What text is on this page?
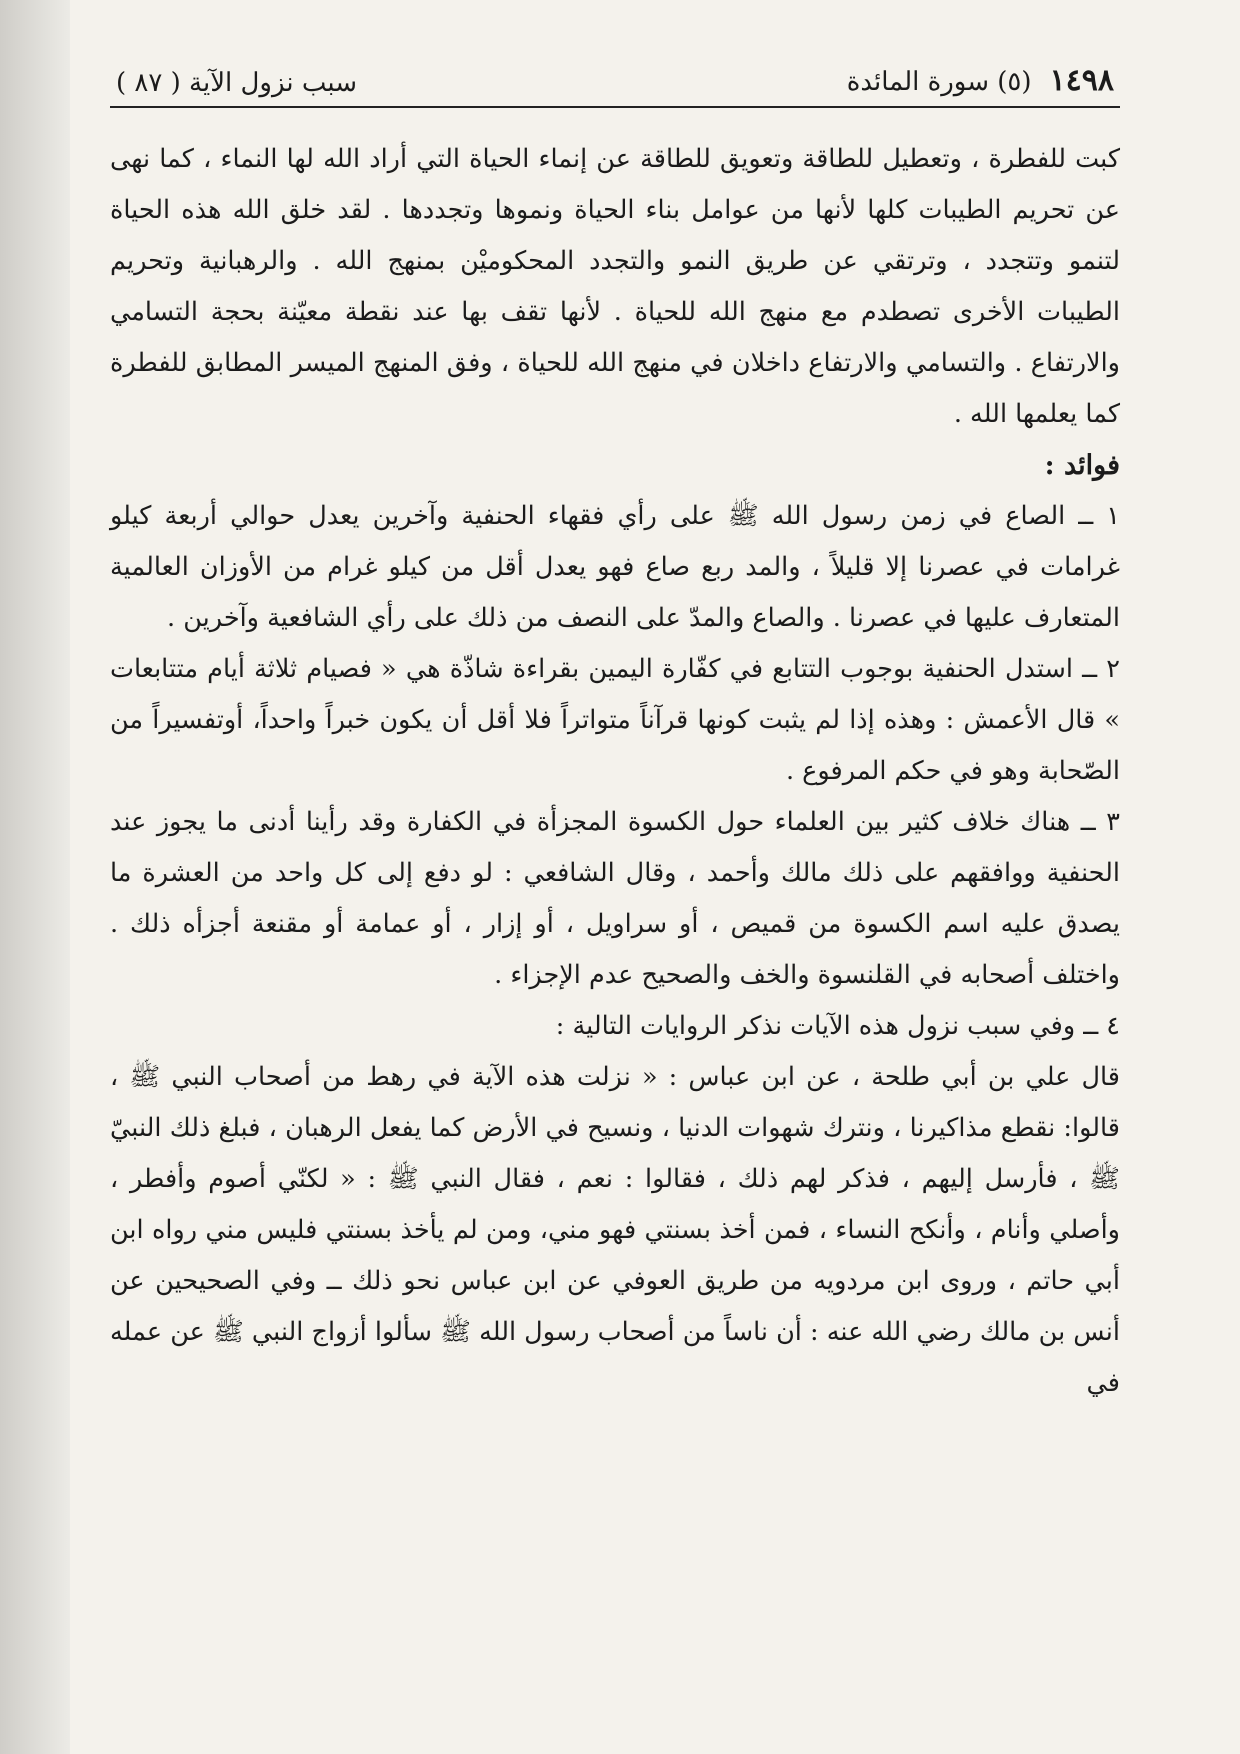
١٤٩٨
(٥) سورة المائدة
سبب نزول الآية ( ٨٧ )

كبت للفطرة ، وتعطيل للطاقة وتعويق للطاقة عن إنماء الحياة التي أراد الله لها النماء ، كما نهى عن تحريم الطيبات كلها لأنها من عوامل بناء الحياة ونموها وتجددها . لقد خلق الله هذه الحياة لتنمو وتتجدد ، وترتقي عن طريق النمو والتجدد المحكوميْن بمنهج الله . والرهبانية وتحريم الطيبات الأخرى تصطدم مع منهج الله للحياة . لأنها تقف بها عند نقطة معيّنة بحجة التسامي والارتفاع . والتسامي والارتفاع داخلان في منهج الله للحياة ، وفق المنهج الميسر المطابق للفطرة كما يعلمها الله .

فوائد :

١ ــ الصاع في زمن رسول الله ﷺ على رأي فقهاء الحنفية وآخرين يعدل حوالي أربعة كيلو غرامات في عصرنا إلا قليلاً ، والمد ربع صاع فهو يعدل أقل من كيلو غرام من الأوزان العالمية المتعارف عليها في عصرنا . والصاع والمدّ على النصف من ذلك على رأي الشافعية وآخرين .

٢ ــ استدل الحنفية بوجوب التتابع في كفّارة اليمين بقراءة شاذّة هي « فصيام ثلاثة أيام متتابعات » قال الأعمش : وهذه إذا لم يثبت كونها قرآناً متواتراً فلا أقل أن يكون خبراً واحداً، أوتفسيراً من الصّحابة وهو في حكم المرفوع .

٣ ــ هناك خلاف كثير بين العلماء حول الكسوة المجزأة في الكفارة وقد رأينا أدنى ما يجوز عند الحنفية ووافقهم على ذلك مالك وأحمد ، وقال الشافعي : لو دفع إلى كل واحد من العشرة ما يصدق عليه اسم الكسوة من قميص ، أو سراويل ، أو إزار ، أو عمامة أو مقنعة أجزأه ذلك . واختلف أصحابه في القلنسوة والخف والصحيح عدم الإجزاء .

٤ ــ وفي سبب نزول هذه الآيات نذكر الروايات التالية :

قال علي بن أبي طلحة ، عن ابن عباس : « نزلت هذه الآية في رهط من أصحاب النبي ﷺ ، قالوا: نقطع مذاكيرنا ، ونترك شهوات الدنيا ، ونسيح في الأرض كما يفعل الرهبان ، فبلغ ذلك النبيّ ﷺ ، فأرسل إليهم ، فذكر لهم ذلك ، فقالوا : نعم ، فقال النبي ﷺ : « لكنّي أصوم وأفطر ، وأصلي وأنام ، وأنكح النساء ، فمن أخذ بسنتي فهو مني، ومن لم يأخذ بسنتي فليس مني رواه ابن أبي حاتم ، وروى ابن مردويه من طريق العوفي عن ابن عباس نحو ذلك ــ وفي الصحيحين عن أنس بن مالك رضي الله عنه : أن ناساً من أصحاب رسول الله ﷺ سألوا أزواج النبي ﷺ عن عمله في
